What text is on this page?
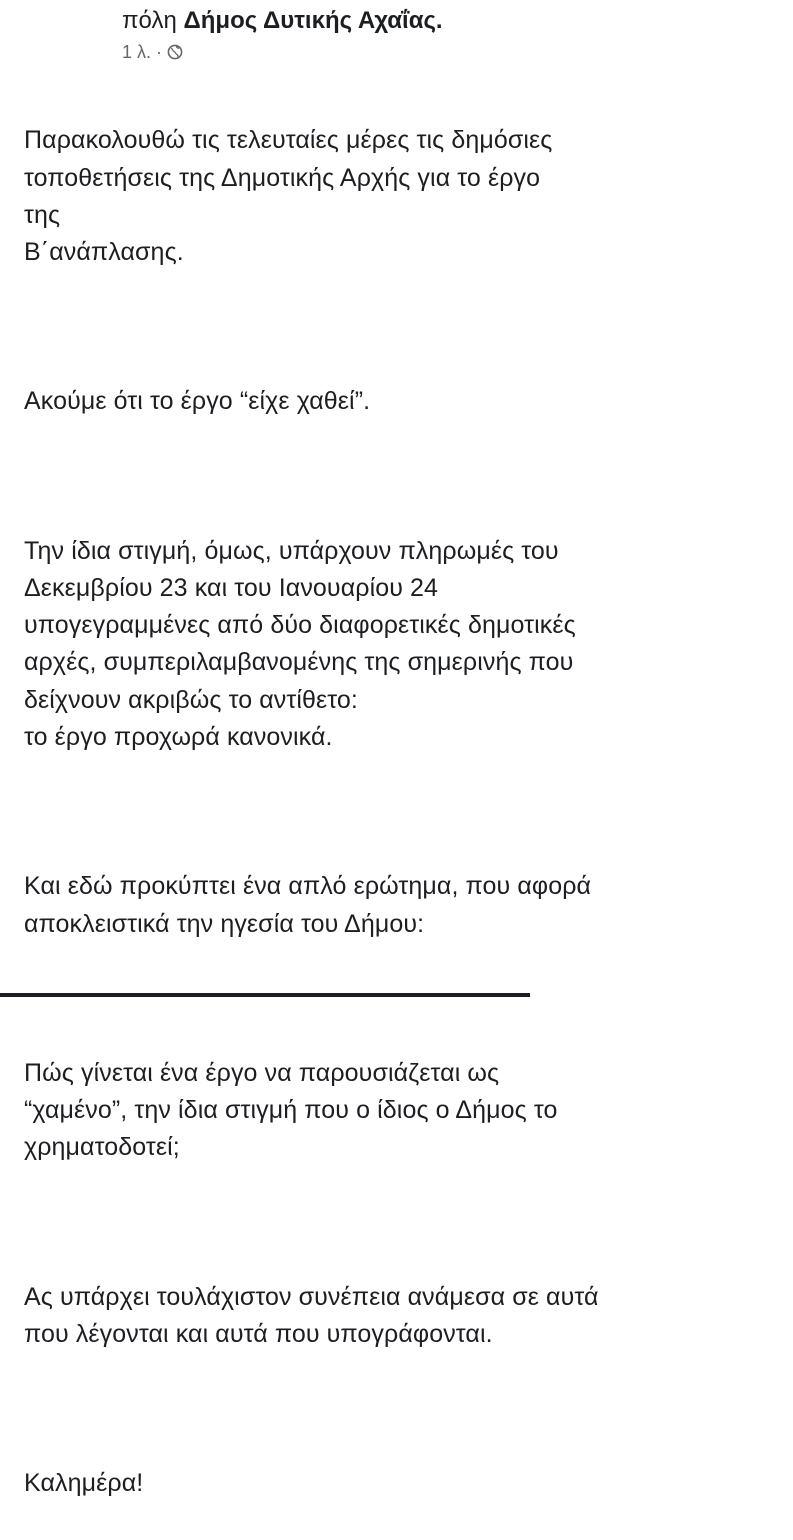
πόλη Δήμος Δυτικής Αχαΐας.
1 λ. ·

Παρακολουθώ τις τελευταίες μέρες τις δημόσιες
τοποθετήσεις της Δημοτικής Αρχής για το έργο
της
Β΄ανάπλασης.

Ακούμε ότι το έργο “είχε χαθεί”.

Την ίδια στιγμή, όμως, υπάρχουν πληρωμές του
Δεκεμβρίου 23 και του Ιανουαρίου 24
υπογεγραμμένες από δύο διαφορετικές δημοτικές
αρχές, συμπεριλαμβανομένης της σημερινής που
δείχνουν ακριβώς το αντίθετο:
το έργο προχωρά κανονικά.

Και εδώ προκύπτει ένα απλό ερώτημα, που αφορά
αποκλειστικά την ηγεσία του Δήμου:

Πώς γίνεται ένα έργο να παρουσιάζεται ως
“χαμένο”, την ίδια στιγμή που ο ίδιος ο Δήμος το
χρηματοδοτεί;

Ας υπάρχει τουλάχιστον συνέπεια ανάμεσα σε αυτά
που λέγονται και αυτά που υπογράφονται.

Καλημέρα!
